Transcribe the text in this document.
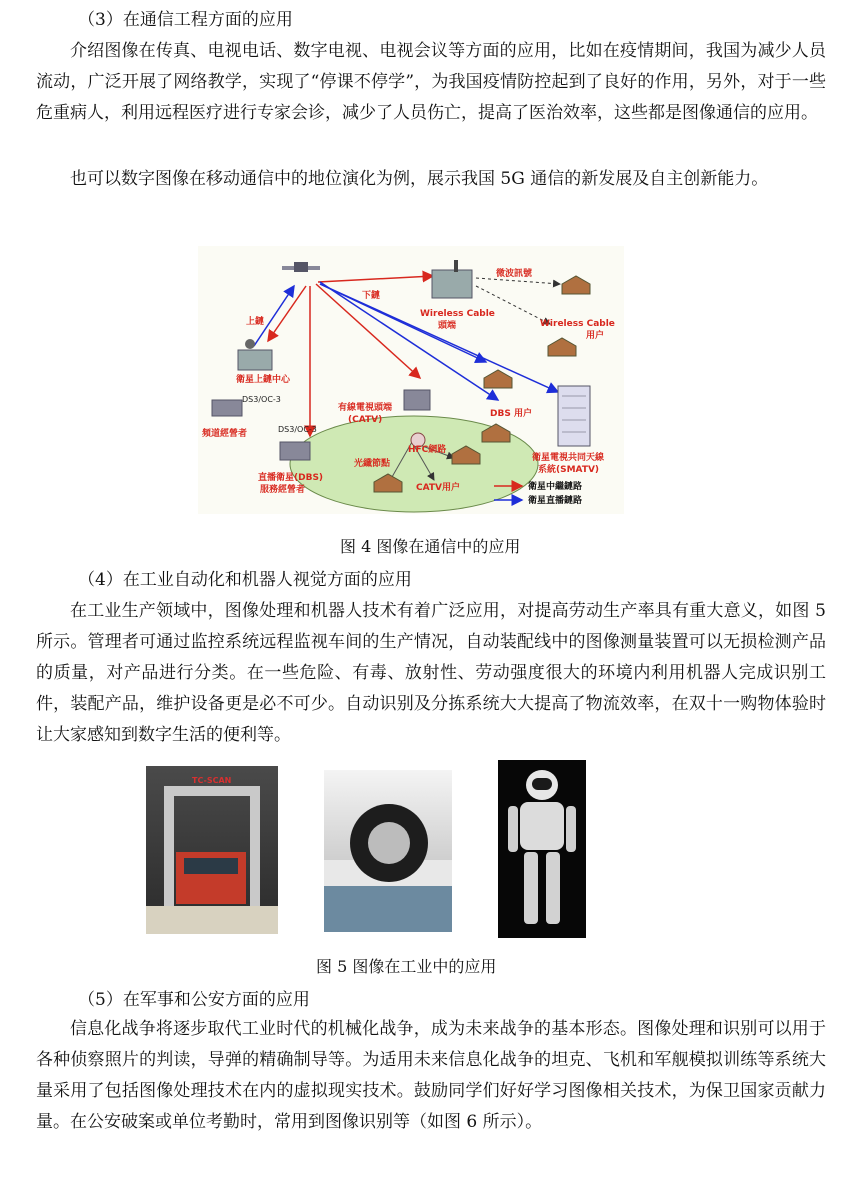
（3）在通信工程方面的应用

介绍图像在传真、电视电话、数字电视、电视会议等方面的应用，比如在疫情期间，我国为减少人员流动，广泛开展了网络教学，实现了“停课不停学”，为我国疫情防控起到了良好的作用，另外，对于一些危重病人，利用远程医疗进行专家会诊，减少了人员伤亡，提高了医治效率，这些都是图像通信的应用。

也可以数字图像在移动通信中的地位演化为例，展示我国 5G 通信的新发展及自主创新能力。

上鏈
下鏈
微波訊號
衛星上鏈中心
頻道經營者
直播衛星(DBS)
服務經營者
有線電視頭端
(CATV)
HFC網路
光纖節點
CATV用户
DBS 用户
衛星電視共同天線
系統(SMATV)
Wireless Cable
頭端	Wireless Cable
用户
DS3/OC-3
DS3/OC-3
衛星中繼鏈路
衛星直播鏈路

图 4 图像在通信中的应用

（4）在工业自动化和机器人视觉方面的应用

在工业生产领域中，图像处理和机器人技术有着广泛应用，对提高劳动生产率具有重大意义，如图 5 所示。管理者可通过监控系统远程监视车间的生产情况，自动装配线中的图像测量装置可以无损检测产品的质量，对产品进行分类。在一些危险、有毒、放射性、劳动强度很大的环境内利用机器人完成识别工件，装配产品，维护设备更是必不可少。自动识别及分拣系统大大提高了物流效率，在双十一购物体验时让大家感知到数字生活的便利等。

TC-SCAN

图 5 图像在工业中的应用

（5）在军事和公安方面的应用

信息化战争将逐步取代工业时代的机械化战争，成为未来战争的基本形态。图像处理和识别可以用于各种侦察照片的判读，导弹的精确制导等。为适用未来信息化战争的坦克、飞机和军舰模拟训练等系统大量采用了包括图像处理技术在内的虚拟现实技术。鼓励同学们好好学习图像相关技术，为保卫国家贡献力量。在公安破案或单位考勤时，常用到图像识别等（如图 6 所示）。
